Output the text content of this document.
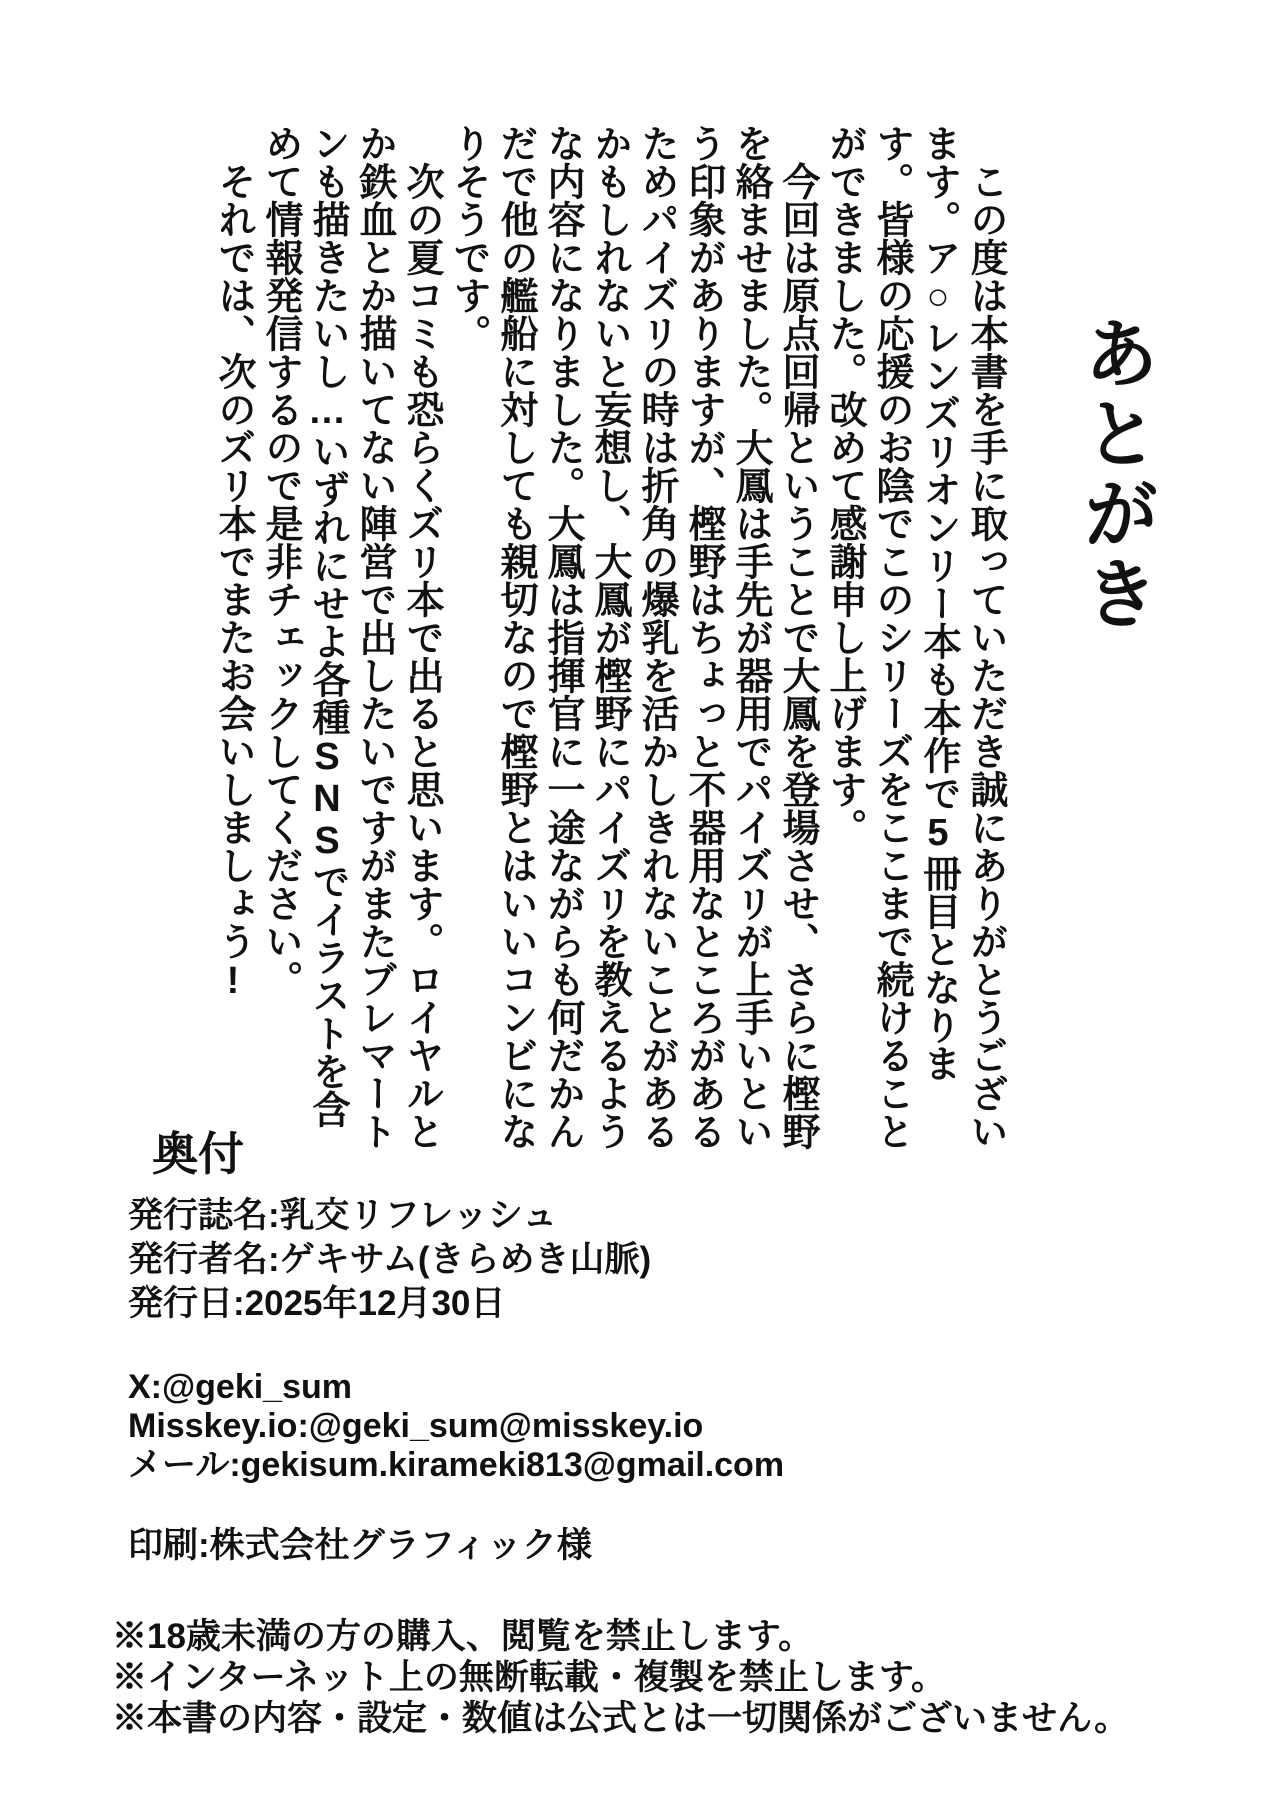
あとがき

この度は本書を手に取っていただき誠にありがとうございます。ア○レンズリオンリー本も本作で5冊目となります。皆様の応援のお陰でこのシリーズをここまで続けることができました。改めて感謝申し上げます。

今回は原点回帰ということで大鳳を登場させ、さらに樫野を絡ませました。大鳳は手先が器用でパイズリが上手いという印象がありますが、樫野はちょっと不器用なところがあるためパイズリの時は折角の爆乳を活かしきれないことがあるかもしれないと妄想し、大鳳が樫野にパイズリを教えるような内容になりました。大鳳は指揮官に一途ながらも何だかんだで他の艦船に対しても親切なので樫野とはいいコンビになりそうです。

次の夏コミも恐らくズリ本で出ると思います。ロイヤルとか鉄血とか描いてない陣営で出したいですがまたブレマートンも描きたいし…いずれにせよ各種SNSでイラストを含めて情報発信するので是非チェックしてください。

それでは、次のズリ本でまたお会いしましょう!

奥付

発行誌名:乳交リフレッシュ

発行者名:ゲキサム(きらめき山脈)

発行日:2025年12月30日

X:@geki_sum

Misskey.io:@geki_sum@misskey.io

メール:gekisum.kirameki813@gmail.com

印刷:株式会社グラフィック様

※18歳未満の方の購入、閲覧を禁止します。

※インターネット上の無断転載・複製を禁止します。

※本書の内容・設定・数値は公式とは一切関係がございません。
